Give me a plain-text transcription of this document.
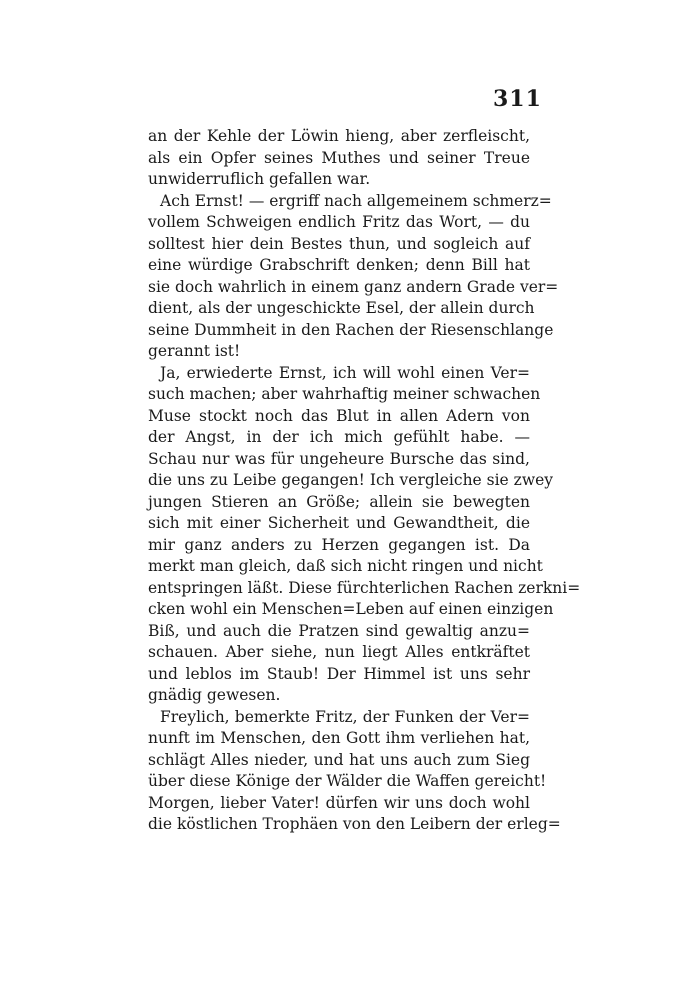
311
an der Kehle der Löwin hieng, aber zerfleischt,
als ein Opfer seines Muthes und seiner Treue
unwiderruflich gefallen war.
Ach Ernst! — ergriff nach allgemeinem schmerz=
vollem Schweigen endlich Fritz das Wort, — du
solltest hier dein Bestes thun, und sogleich auf
eine würdige Grabschrift denken; denn Bill hat
sie doch wahrlich in einem ganz andern Grade ver=
dient, als der ungeschickte Esel, der allein durch
seine Dummheit in den Rachen der Riesenschlange
gerannt ist!
Ja, erwiederte Ernst, ich will wohl einen Ver=
such machen; aber wahrhaftig meiner schwachen
Muse stockt noch das Blut in allen Adern von
der Angst, in der ich mich gefühlt habe. —
Schau nur was für ungeheure Bursche das sind,
die uns zu Leibe gegangen! Ich vergleiche sie zwey
jungen Stieren an Größe; allein sie bewegten
sich mit einer Sicherheit und Gewandtheit, die
mir ganz anders zu Herzen gegangen ist. Da
merkt man gleich, daß sich nicht ringen und nicht
entspringen läßt. Diese fürchterlichen Rachen zerkni=
cken wohl ein Menschen=Leben auf einen einzigen
Biß, und auch die Pratzen sind gewaltig anzu=
schauen. Aber siehe, nun liegt Alles entkräftet
und leblos im Staub! Der Himmel ist uns sehr
gnädig gewesen.
Freylich, bemerkte Fritz, der Funken der Ver=
nunft im Menschen, den Gott ihm verliehen hat,
schlägt Alles nieder, und hat uns auch zum Sieg
über diese Könige der Wälder die Waffen gereicht!
Morgen, lieber Vater! dürfen wir uns doch wohl
die köstlichen Trophäen von den Leibern der erleg=
